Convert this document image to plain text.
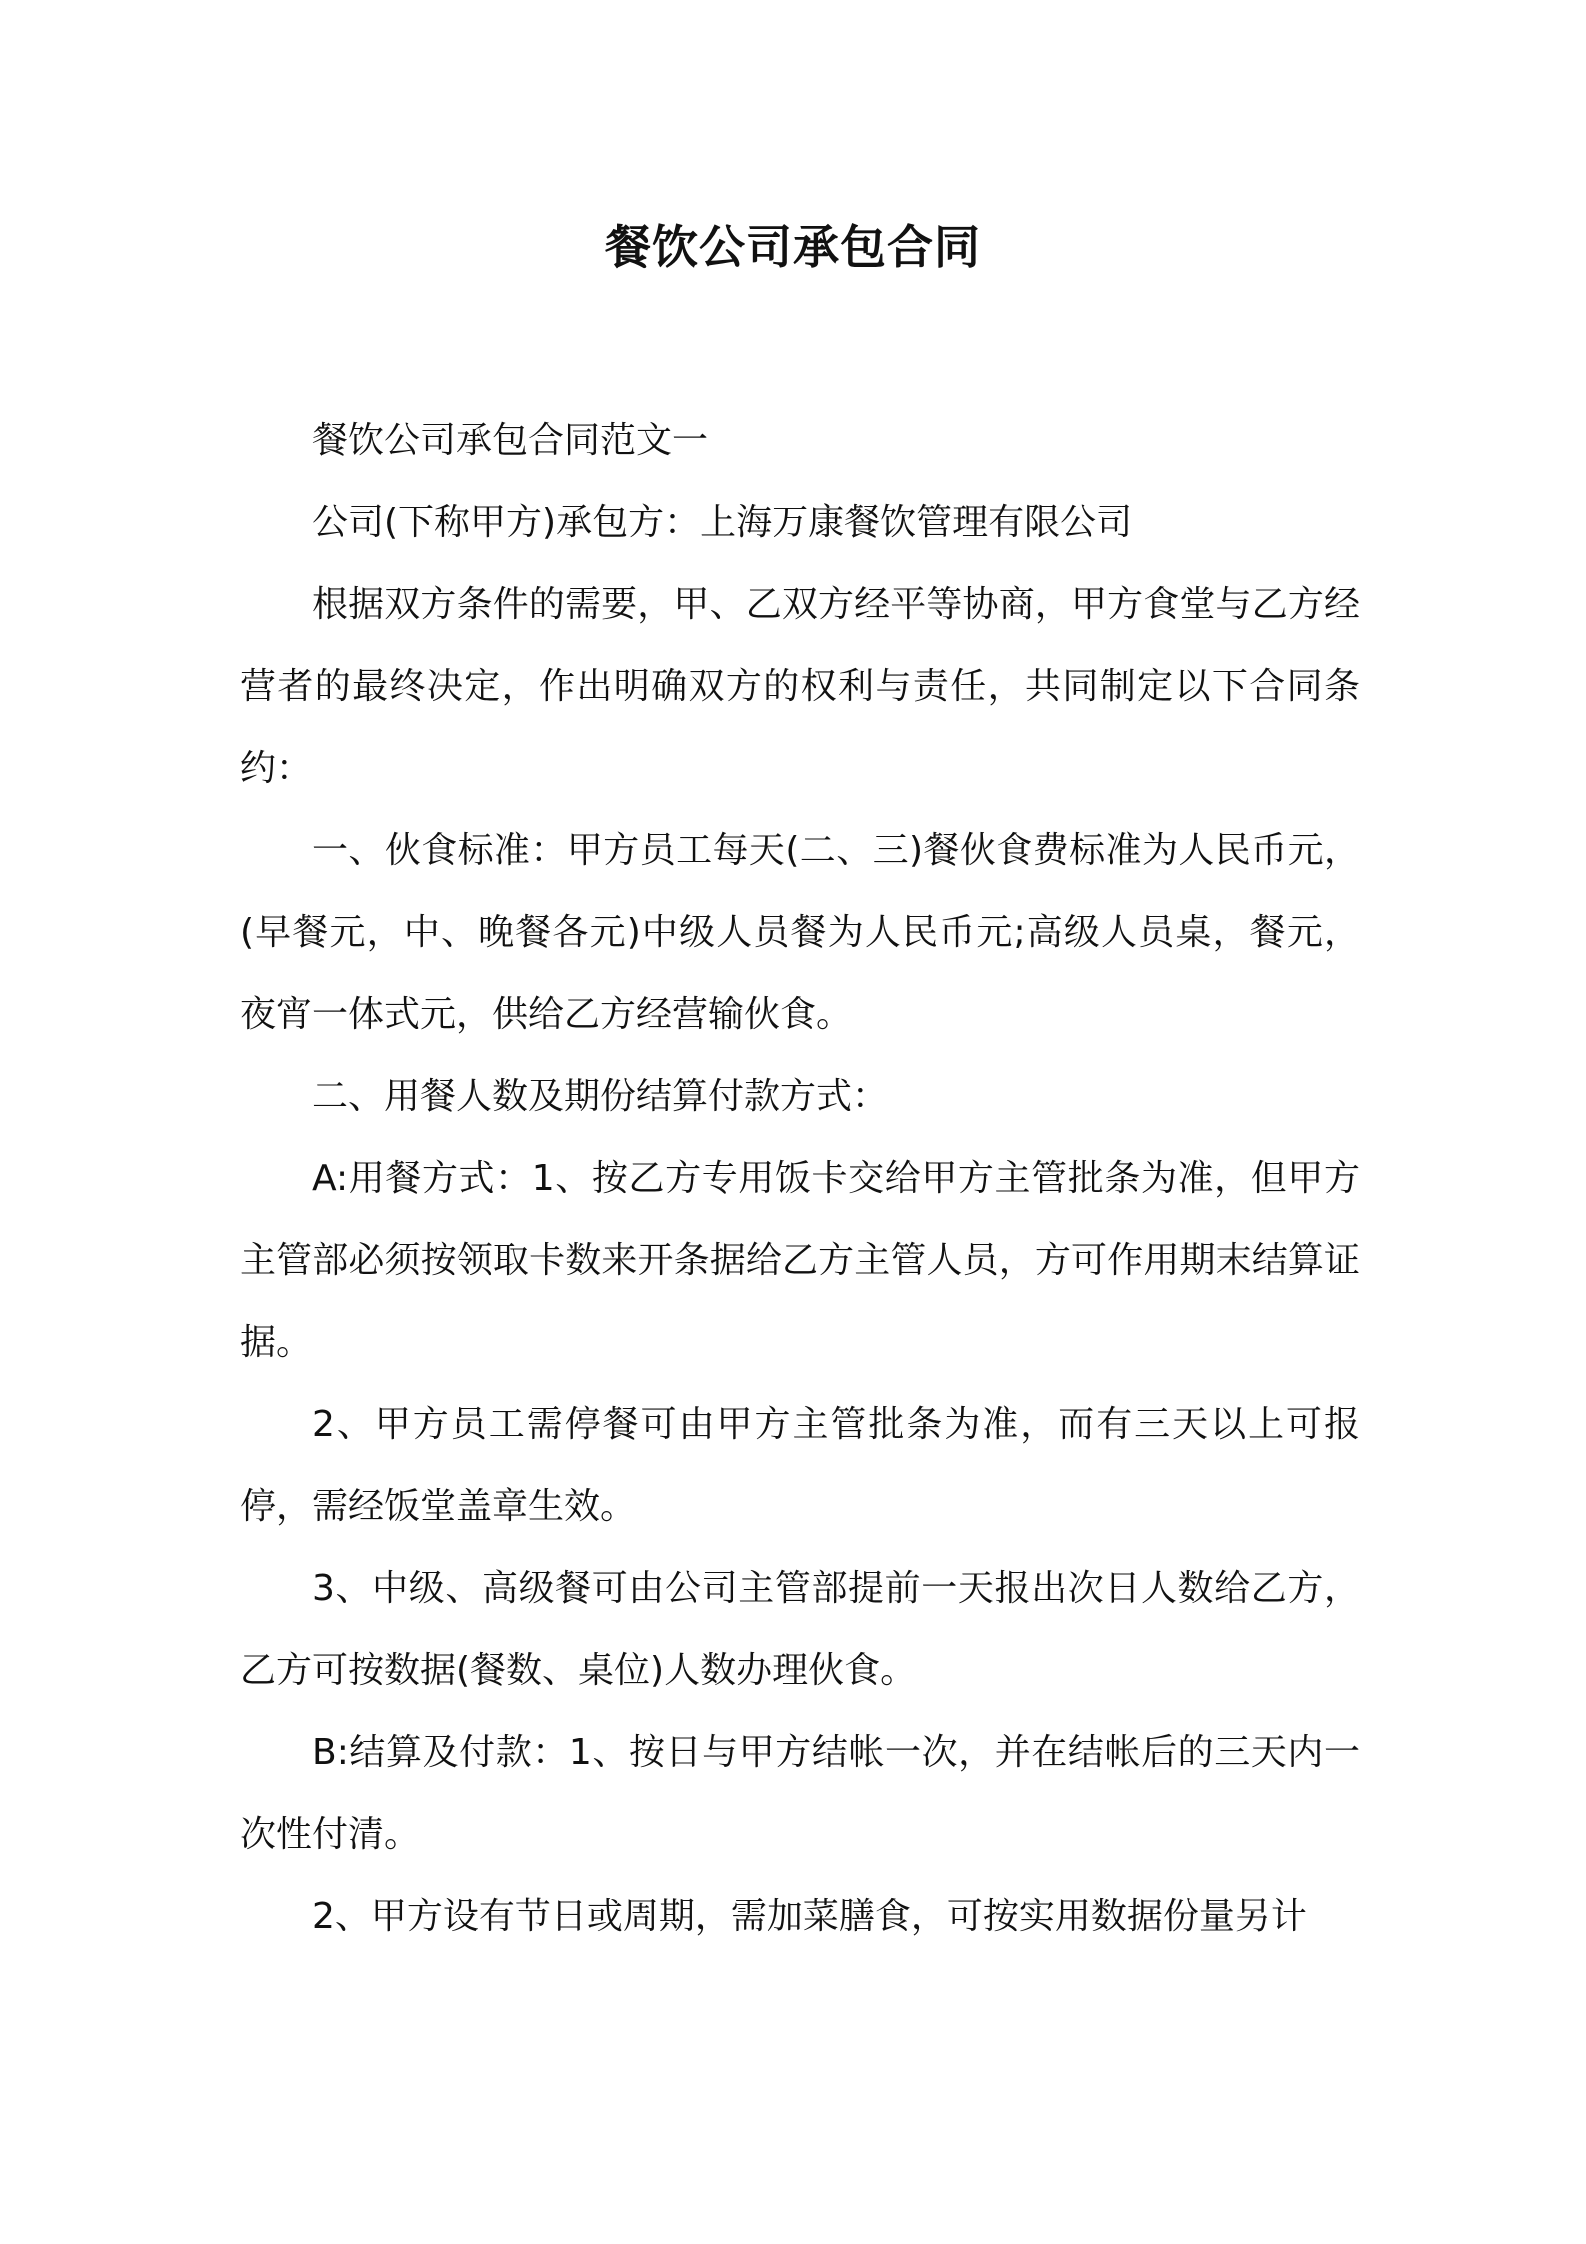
餐饮公司承包合同

餐饮公司承包合同范文一

公司(下称甲方)承包方：上海万康餐饮管理有限公司

根据双方条件的需要，甲、乙双方经平等协商，甲方食堂与乙方经营者的最终决定，作出明确双方的权利与责任，共同制定以下合同条约：

一、伙食标准：甲方员工每天(二、三)餐伙食费标准为人民币元，(早餐元，中、晚餐各元)中级人员餐为人民币元;高级人员桌，餐元，夜宵一体式元，供给乙方经营输伙食。

二、用餐人数及期份结算付款方式：

A:用餐方式：1、按乙方专用饭卡交给甲方主管批条为准，但甲方主管部必须按领取卡数来开条据给乙方主管人员，方可作用期末结算证据。

2、甲方员工需停餐可由甲方主管批条为准，而有三天以上可报停，需经饭堂盖章生效。

3、中级、高级餐可由公司主管部提前一天报出次日人数给乙方，乙方可按数据(餐数、桌位)人数办理伙食。

B:结算及付款：1、按日与甲方结帐一次，并在结帐后的三天内一次性付清。

2、甲方设有节日或周期，需加菜膳食，可按实用数据份量另计
